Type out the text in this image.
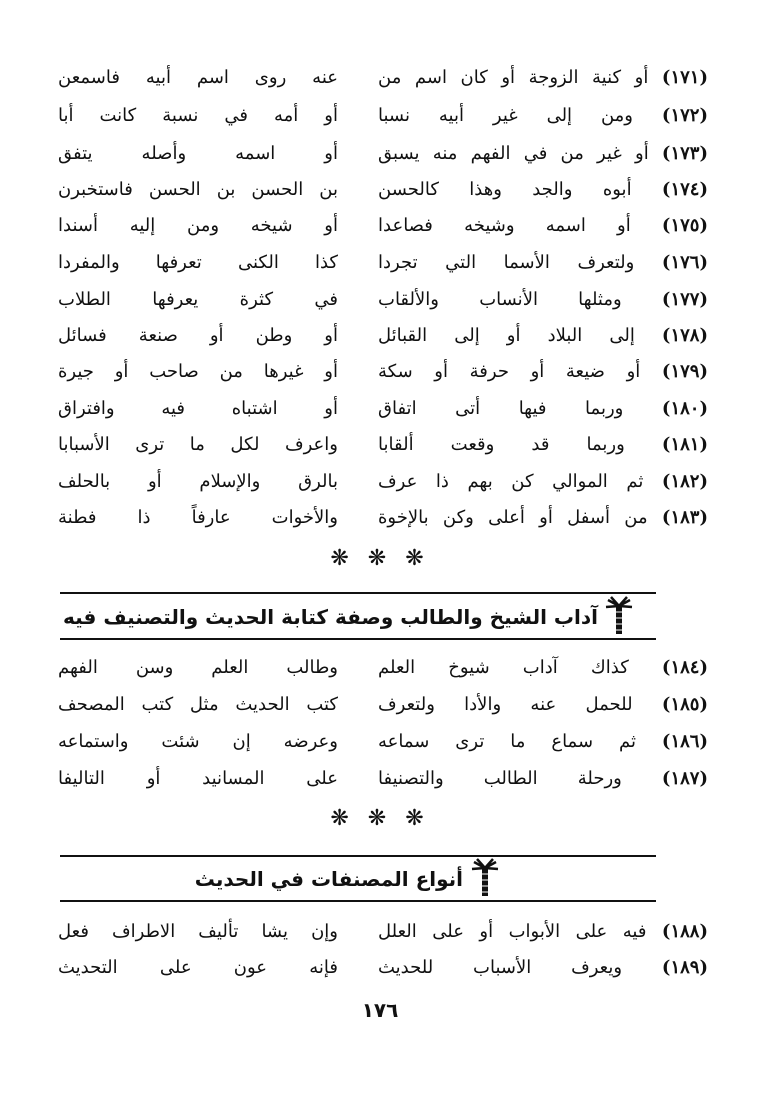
(١٧١) أو كنية الزوجة أو كان اسم من
عنه روى اسم أبيه فاسمعن
(١٧٢) ومن إلى غير أبيه نسبا
أو أمه في نسبة كانت أبا
(١٧٣) أو غير من في الفهم منه يسبق
أو اسمه وأصله يتفق
(١٧٤) أبوه والجد وهذا كالحسن
بن الحسن بن الحسن فاستخبرن
(١٧٥) أو اسمه وشيخه فصاعدا
أو شيخه ومن إليه أسندا
(١٧٦) ولتعرف الأسما التي تجردا
كذا الكنى تعرفها والمفردا
(١٧٧) ومثلها الأنساب والألقاب
في كثرة يعرفها الطلاب
(١٧٨) إلى البلاد أو إلى القبائل
أو وطن أو صنعة فسائل
(١٧٩) أو ضيعة أو حرفة أو سكة
أو غيرها من صاحب أو جيرة
(١٨٠) وربما فيها أتى اتفاق
أو اشتباه فيه وافتراق
(١٨١) وربما قد وقعت ألقابا
واعرف لكل ما ترى الأسبابا
(١٨٢) ثم الموالي كن بهم ذا عرف
بالرق والإسلام أو بالحلف
(١٨٣) من أسفل أو أعلى وكن بالإخوة
والأخوات عارفاً ذا فطنة
❋ ❋ ❋
آداب الشيخ والطالب وصفة كتابة الحديث والتصنيف فيه
(١٨٤) كذاك آداب شيوخ العلم
وطالب العلم وسن الفهم
(١٨٥) للحمل عنه والأدا ولتعرف
كتب الحديث مثل كتب المصحف
(١٨٦) ثم سماع ما ترى سماعه
وعرضه إن شئت واستماعه
(١٨٧) ورحلة الطالب والتصنيفا
على المسانيد أو التاليفا
❋ ❋ ❋
أنواع المصنفات في الحديث
(١٨٨) فيه على الأبواب أو على العلل
وإن يشا تأليف الاطراف فعل
(١٨٩) ويعرف الأسباب للحديث
فإنه عون على التحديث
١٧٦
